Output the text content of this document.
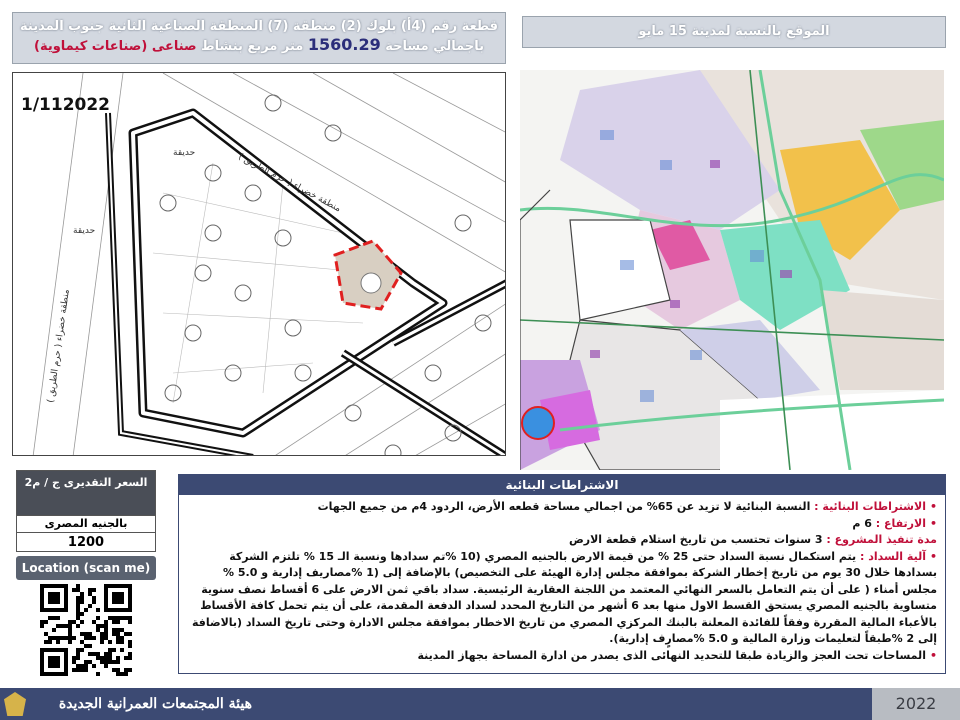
قطعة رقم (4أ) بلوك (2) منطقة (7) المنطقة الصناعية الثانية جنوب المدينة
باجمالي مساحة 1560.29 متر مربع بنشاط صناعى (صناعات كيماوية)
الموقع بالنسبة لمدينة 15 مايو
حديقة
حديقة
منطقة خضراء ( حرم الطريق )
منطقة خضراء ( حرم الطريق )
1/112022
السعر التقديرى ج / م2
بالجنيه المصرى
1200
Location (scan me)
الاشتراطات البنائية

•الاشتراطات البنائية : النسبة البنائية لا تزيد عن 65% من اجمالي مساحة قطعه الأرض، الردود 4م من جميع الجهات

•الارتفاع : 6 م

مدة تنفيذ المشروع : 3 سنوات تحتسب من تاريخ استلام قطعة الارض

•آلية السداد : يتم استكمال نسبة السداد حتى 25 % من قيمة الارض بالجنيه المصري (10 %تم سدادها ونسبة الـ 15 % تلتزم الشركة بسدادها خلال 30 يوم من تاريخ إخطار الشركة بموافقة مجلس إدارة الهيئة على التخصيص) بالإضافة إلى (1 %مصاريف إدارية و 5.0 % مجلس أمناء ( على أن يتم التعامل بالسعر النهائي المعتمد من اللجنة العقارية الرئيسية. سداد باقي ثمن الارض على 6 أقساط نصف سنوية متساوية بالجنيه المصري يستحق القسط الاول منها بعد 6 أشهر من التاريخ المحدد لسداد الدفعة المقدمة، على أن يتم تحمل كافة الأقساط بالأعباء المالية المقررة وفقاً للفائدة المعلنة بالبنك المركزي المصري من تاريخ الاخطار بموافقة مجلس الادارة وحتى تاريخ السداد (بالاضافة إلى 2 %طبقاً لتعليمات وزارة المالية و 5.0 %مصارٍف إدارية).

•المساحات تحت العجز والزيادة طبقا للتحديد النهائى الذى يصدر من ادارة المساحة بجهاز المدينة

هيئة المجتمعات العمرانية الجديدة	2022
